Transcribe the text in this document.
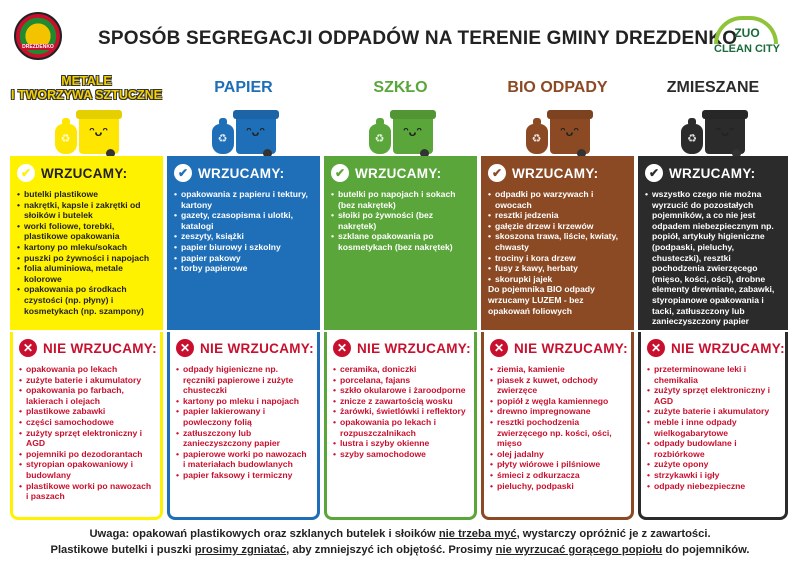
DREZDENKO SPOSÓB SEGREGACJI ODPADÓW NA TERENIE GMINY DREZDENKO
ZUO
CLEAN CITY
METALE
I TWORZYWA SZTUCZNE
♻	ᵔᴗᵔ
✔ WRZUCAMY:
• butelki plastikowe
• nakrętki, kapsle i zakrętki od słoików i butelek
• worki foliowe, torebki, plastikowe opakowania
• kartony po mleku/sokach
• puszki po żywności i napojach
• folia aluminiowa, metale kolorowe
• opakowania po środkach czystości (np. płyny) i kosmetykach (np. szampony)
✕ NIE WRZUCAMY:
• opakowania po lekach
• zużyte baterie i akumulatory
• opakowania po farbach, lakierach i olejach
• plastikowe zabawki
• części samochodowe
• zużyty sprzęt elektroniczny i AGD
• pojemniki po dezodorantach
• styropian opakowaniowy i budowlany
• plastikowe worki po nawozach i paszach
PAPIER
♻	ᵔᴗᵔ
✔ WRZUCAMY:
• opakowania z papieru i tektury, kartony
• gazety, czasopisma i ulotki, katalogi
• zeszyty, książki
• papier biurowy i szkolny
• papier pakowy
• torby papierowe
✕ NIE WRZUCAMY:
• odpady higieniczne np. ręczniki papierowe i zużyte chusteczki
• kartony po mleku i napojach
• papier lakierowany i powleczony folią
• zatłuszczony lub zanieczyszczony papier
• papierowe worki po nawozach i materiałach budowlanych
• papier faksowy i termiczny
SZKŁO
♻	ᵔᴗᵔ
✔ WRZUCAMY:
• butelki po napojach i sokach (bez nakrętek)
• słoiki po żywności (bez nakrętek)
• szklane opakowania po kosmetykach (bez nakrętek)
✕ NIE WRZUCAMY:
• ceramika, doniczki
• porcelana, fajans
• szkło okularowe i żaroodporne
• znicze z zawartością wosku
• żarówki, świetlówki i reflektory
• opakowania po lekach i rozpuszczalnikach
• lustra i szyby okienne
• szyby samochodowe
BIO ODPADY
♻	ᵔᴗᵔ
✔ WRZUCAMY:
• odpadki po warzywach i owocach
• resztki jedzenia
• gałęzie drzew i krzewów
• skoszona trawa, liście, kwiaty, chwasty
• trociny i kora drzew
• fusy z kawy, herbaty
• skorupki jajek
Do pojemnika BIO odpady wrzucamy LUZEM - bez opakowań foliowych
✕ NIE WRZUCAMY:
• ziemia, kamienie
• piasek z kuwet, odchody zwierzęce
• popiół z węgla kamiennego
• drewno impregnowane
• resztki pochodzenia zwierzęcego np. kości, ości, mięso
• olej jadalny
• płyty wiórowe i pilśniowe
• śmieci z odkurzacza
• pieluchy, podpaski
ZMIESZANE
♻	ᵔᴗᵔ
✔ WRZUCAMY:
• wszystko czego nie można wyrzucić do pozostałych pojemników, a co nie jest odpadem niebezpiecznym np. popiół, artykuły higieniczne (podpaski, pieluchy, chusteczki), resztki pochodzenia zwierzęcego (mięso, kości, ości), drobne elementy drewniane, zabawki, styropianowe opakowania i tacki, zatłuszczony lub zanieczyszczony papier
✕ NIE WRZUCAMY:
• przeterminowane leki i chemikalia
• zużyty sprzęt elektroniczny i AGD
• zużyte baterie i akumulatory
• meble i inne odpady wielkogabarytowe
• odpady budowlane i rozbiórkowe
• zużyte opony
• strzykawki i igły
• odpady niebezpieczne
Uwaga: opakowań plastikowych oraz szklanych butelek i słoików nie trzeba myć, wystarczy opróżnić je z zawartości.
Plastikowe butelki i puszki prosimy zgniatać, aby zmniejszyć ich objętość. Prosimy nie wyrzucać gorącego popiołu do pojemników.
